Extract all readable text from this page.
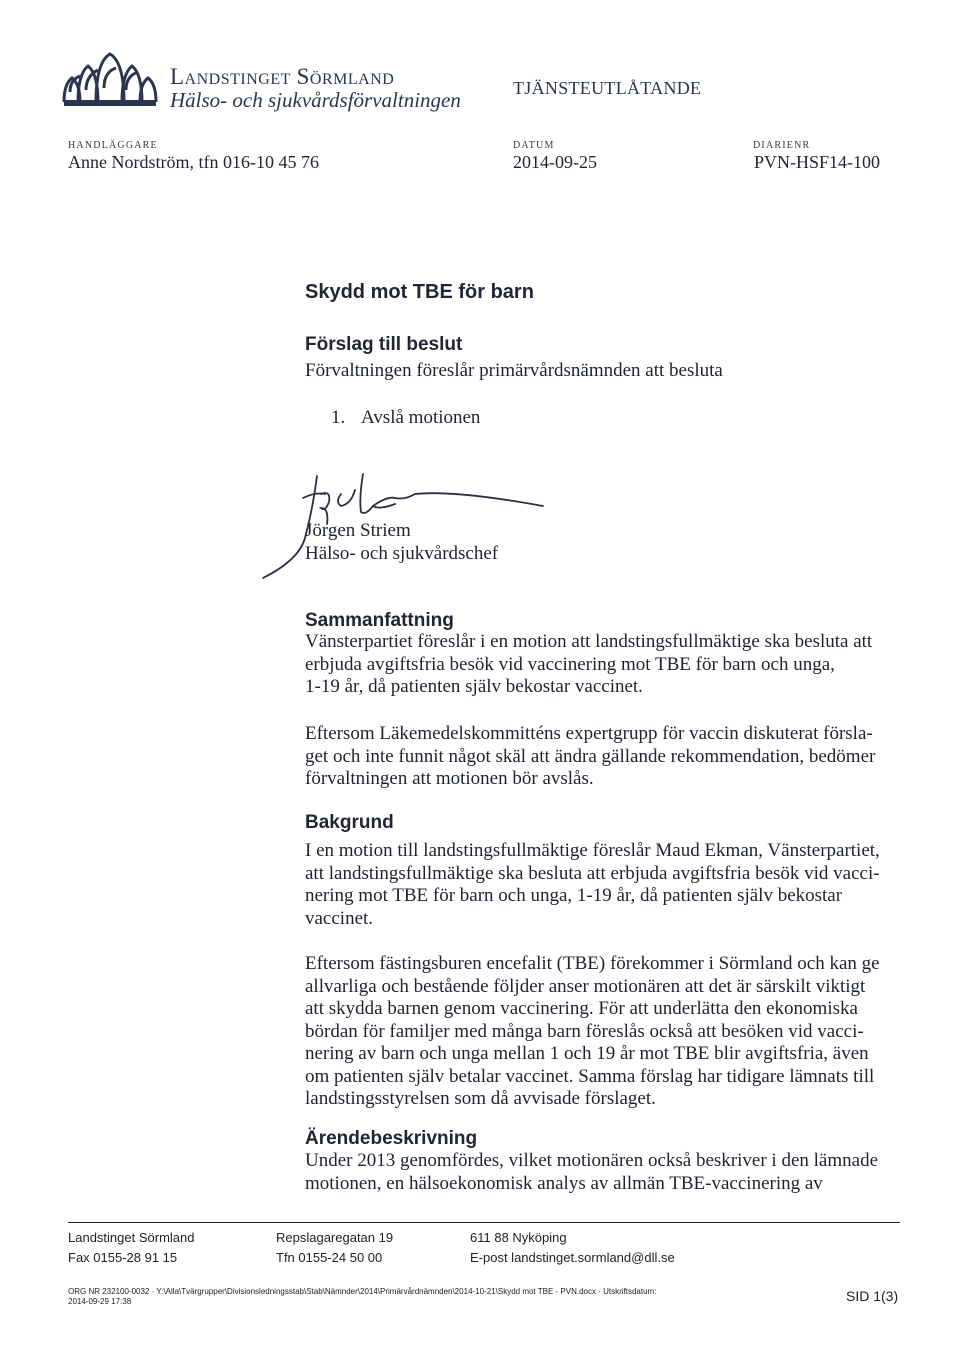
Landstinget Sörmland
Hälso- och sjukvårdsförvaltningen	TJÄNSTEUTLÅTANDE
HANDLÄGGARE
Anne Nordström, tfn 016-10 45 76
DATUM
2014-09-25
DIARIENR
PVN-HSF14-100
Skydd mot TBE för barn
Förslag till beslut
Förvaltningen föreslår primärvårdsnämnden att besluta
1. Avslå motionen
Jörgen Striem
Hälso- och sjukvårdschef
Sammanfattning
Vänsterpartiet föreslår i en motion att landstingsfullmäktige ska besluta att
erbjuda avgiftsfria besök vid vaccinering mot TBE för barn och unga,
1-19 år, då patienten själv bekostar vaccinet.
Eftersom Läkemedelskommitténs expertgrupp för vaccin diskuterat försla-
get och inte funnit något skäl att ändra gällande rekommendation, bedömer
förvaltningen att motionen bör avslås.
Bakgrund
I en motion till landstingsfullmäktige föreslår Maud Ekman, Vänsterpartiet,
att landstingsfullmäktige ska besluta att erbjuda avgiftsfria besök vid vacci-
nering mot TBE för barn och unga, 1-19 år, då patienten själv bekostar
vaccinet.
Eftersom fästingsburen encefalit (TBE) förekommer i Sörmland och kan ge
allvarliga och bestående följder anser motionären att det är särskilt viktigt
att skydda barnen genom vaccinering. För att underlätta den ekonomiska
bördan för familjer med många barn föreslås också att besöken vid vacci-
nering av barn och unga mellan 1 och 19 år mot TBE blir avgiftsfria, även
om patienten själv betalar vaccinet. Samma förslag har tidigare lämnats till
landstingsstyrelsen som då avvisade förslaget.
Ärendebeskrivning
Under 2013 genomfördes, vilket motionären också beskriver i den lämnade
motionen, en hälsoekonomisk analys av allmän TBE-vaccinering av
Landstinget Sörmland
Fax 0155-28 91 15
Repslagaregatan 19
Tfn 0155-24 50 00
611 88 Nyköping
E-post landstinget.sormland@dll.se
ORG NR 232100-0032 · Y:\Alla\Tvärgrupper\Divisionsledningsstab\Stab\Nämnder\2014\Primärvårdnämnden\2014-10-21\Skydd mot TBE - PVN.docx · Utskriftsdatum:
2014-09-29 17:38	SID 1(3)
